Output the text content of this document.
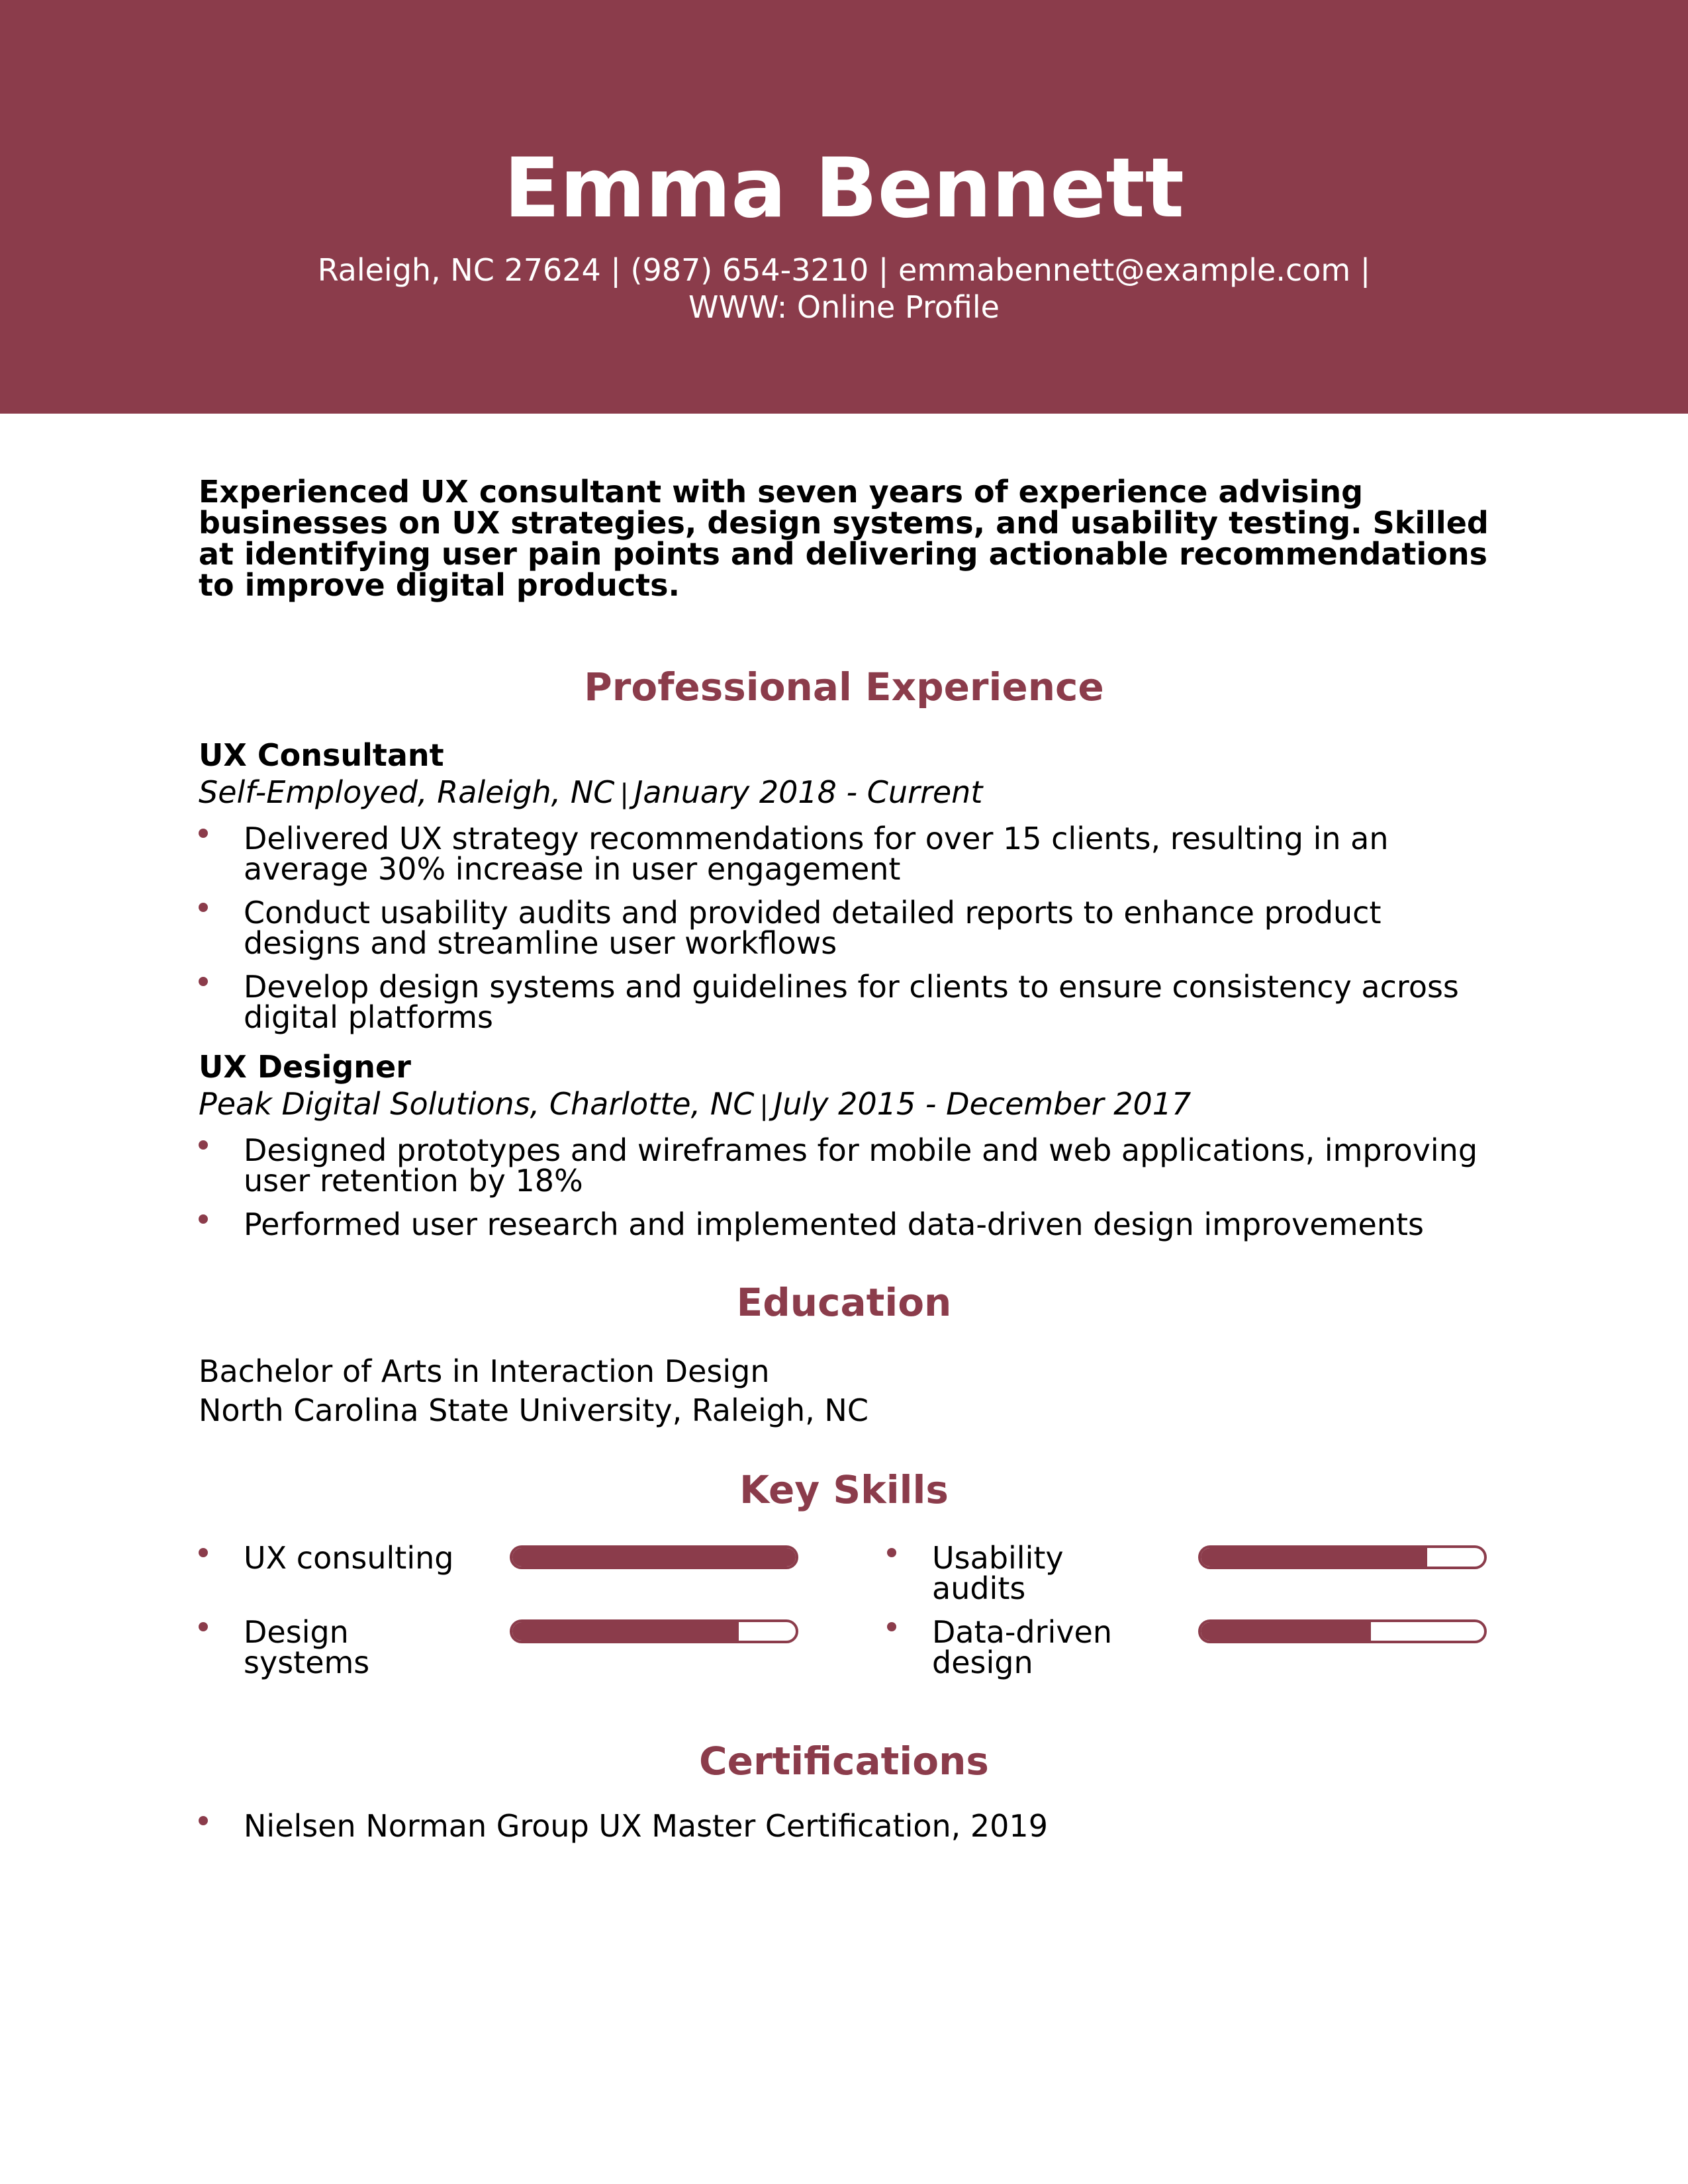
Emma Bennett
Raleigh, NC 27624 | (987) 654-3210 | emmabennett@example.com |
WWW: Online Profile

Experienced UX consultant with seven years of experience advising businesses on UX strategies, design systems, and usability testing. Skilled at identifying user pain points and delivering actionable recommendations to improve digital products.

Professional Experience
UX Consultant
Self-Employed, Raleigh, NC | January 2018 - Current
Delivered UX strategy recommendations for over 15 clients, resulting in an average 30% increase in user engagement
Conduct usability audits and provided detailed reports to enhance product designs and streamline user workflows
Develop design systems and guidelines for clients to ensure consistency across digital platforms
UX Designer
Peak Digital Solutions, Charlotte, NC | July 2015 - December 2017
Designed prototypes and wireframes for mobile and web applications, improving user retention by 18%
Performed user research and implemented data-driven design improvements
Education
Bachelor of Arts in Interaction Design
North Carolina State University, Raleigh, NC
Key Skills
UX consulting	Usability audits
Design systems
Data-driven design
Certifications
Nielsen Norman Group UX Master Certification, 2019
